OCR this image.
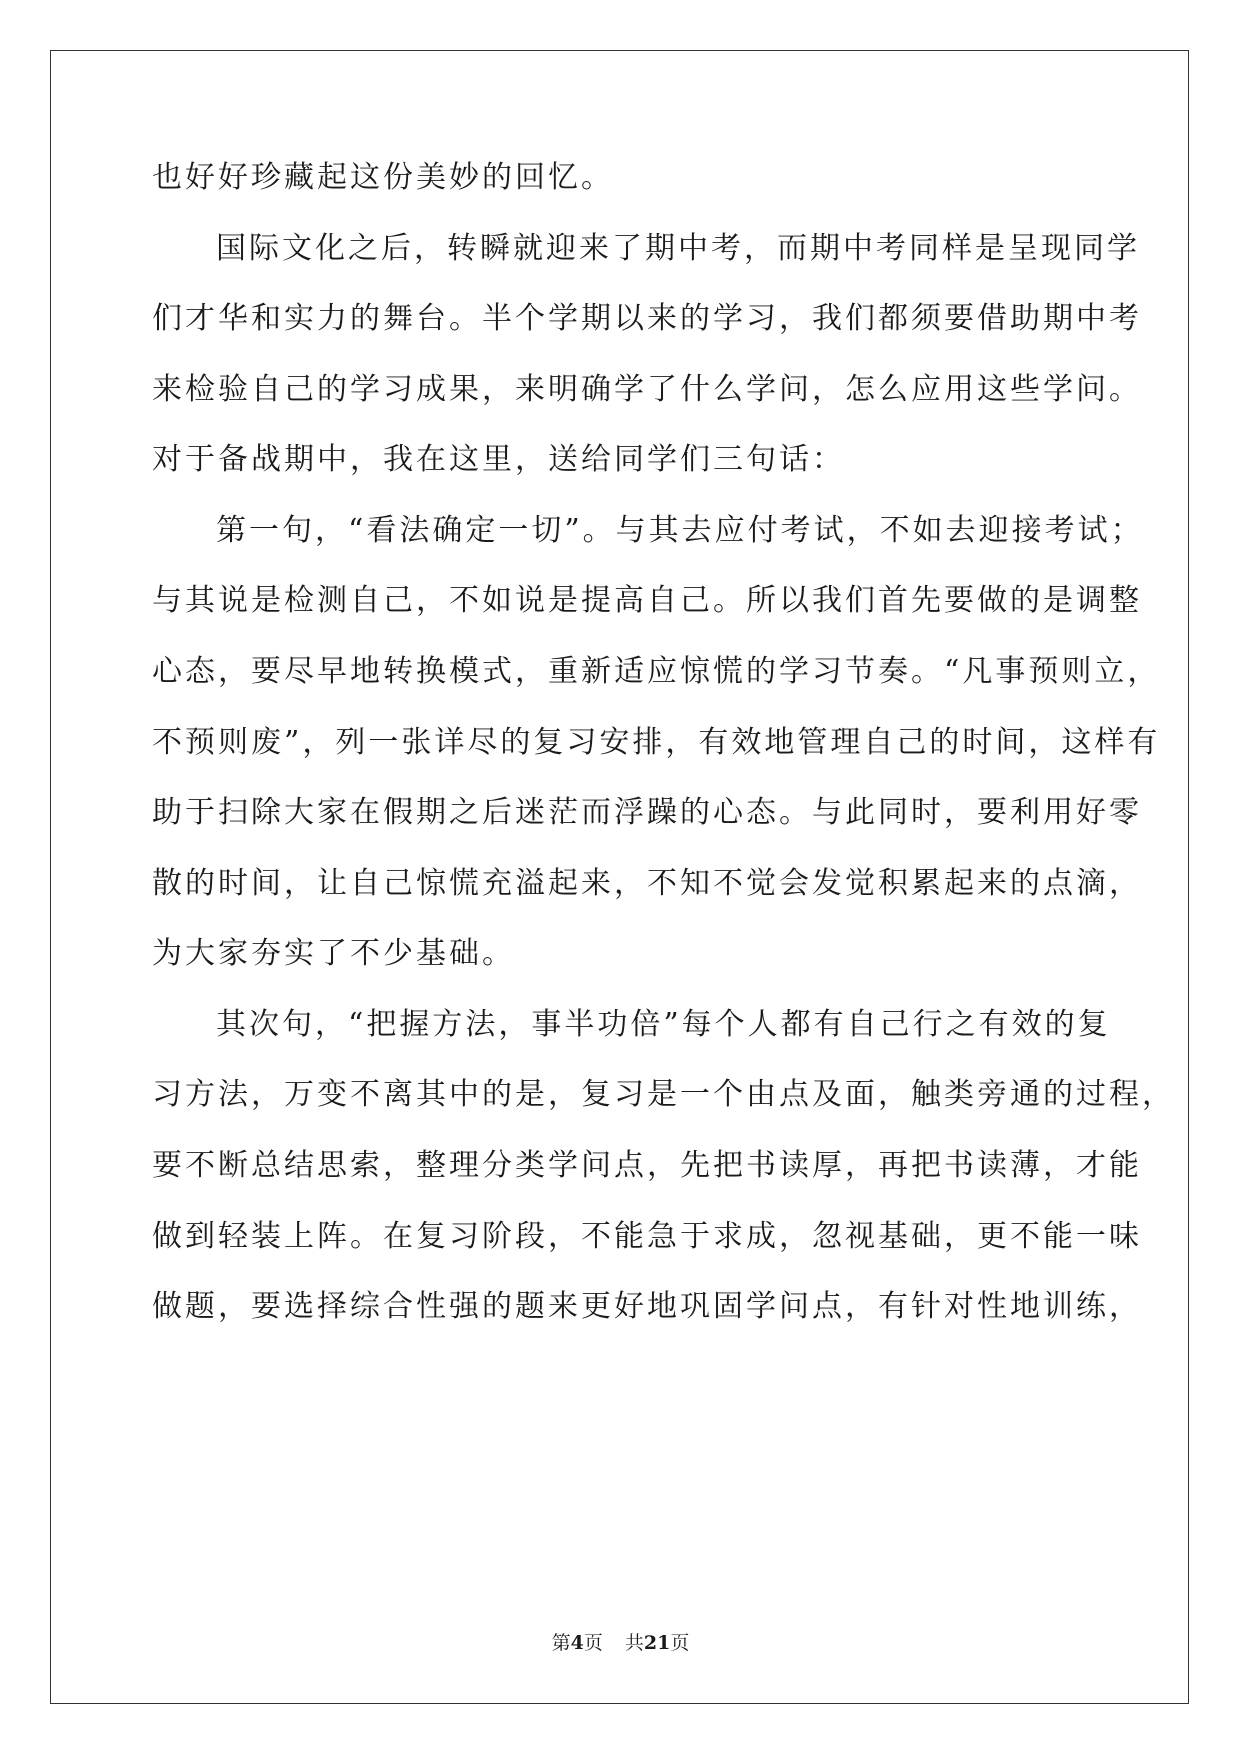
也好好珍藏起这份美妙的回忆。
国际文化之后，转瞬就迎来了期中考，而期中考同样是呈现同学
们才华和实力的舞台。半个学期以来的学习，我们都须要借助期中考
来检验自己的学习成果，来明确学了什么学问，怎么应用这些学问。
对于备战期中，我在这里，送给同学们三句话：
第一句，“看法确定一切”。与其去应付考试，不如去迎接考试；
与其说是检测自己，不如说是提高自己。所以我们首先要做的是调整
心态，要尽早地转换模式，重新适应惊慌的学习节奏。“凡事预则立，
不预则废”，列一张详尽的复习安排，有效地管理自己的时间，这样有
助于扫除大家在假期之后迷茫而浮躁的心态。与此同时，要利用好零
散的时间，让自己惊慌充溢起来，不知不觉会发觉积累起来的点滴，
为大家夯实了不少基础。
其次句，“把握方法，事半功倍”每个人都有自己行之有效的复
习方法，万变不离其中的是，复习是一个由点及面，触类旁通的过程，
要不断总结思索，整理分类学问点，先把书读厚，再把书读薄，才能
做到轻装上阵。在复习阶段，不能急于求成，忽视基础，更不能一味
做题，要选择综合性强的题来更好地巩固学问点，有针对性地训练，
第4页 共21页
